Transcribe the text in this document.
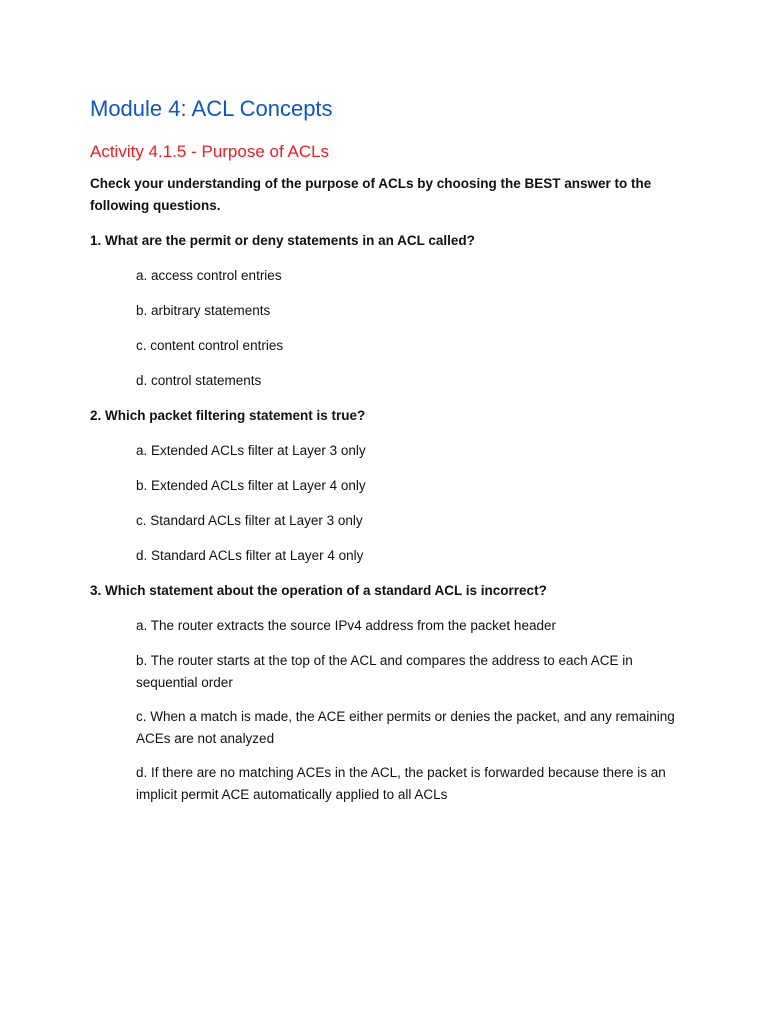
Module 4: ACL Concepts
Activity 4.1.5 - Purpose of ACLs

Check your understanding of the purpose of ACLs by choosing the BEST answer to the following questions.

1. What are the permit or deny statements in an ACL called?

a. access control entries
b. arbitrary statements
c. content control entries
d. control statements

2. Which packet filtering statement is true?

a. Extended ACLs filter at Layer 3 only
b. Extended ACLs filter at Layer 4 only
c. Standard ACLs filter at Layer 3 only
d. Standard ACLs filter at Layer 4 only

3. Which statement about the operation of a standard ACL is incorrect?

a. The router extracts the source IPv4 address from the packet header
b. The router starts at the top of the ACL and compares the address to each ACE in sequential order
c. When a match is made, the ACE either permits or denies the packet, and any remaining ACEs are not analyzed
d. If there are no matching ACEs in the ACL, the packet is forwarded because there is an implicit permit ACE automatically applied to all ACLs
